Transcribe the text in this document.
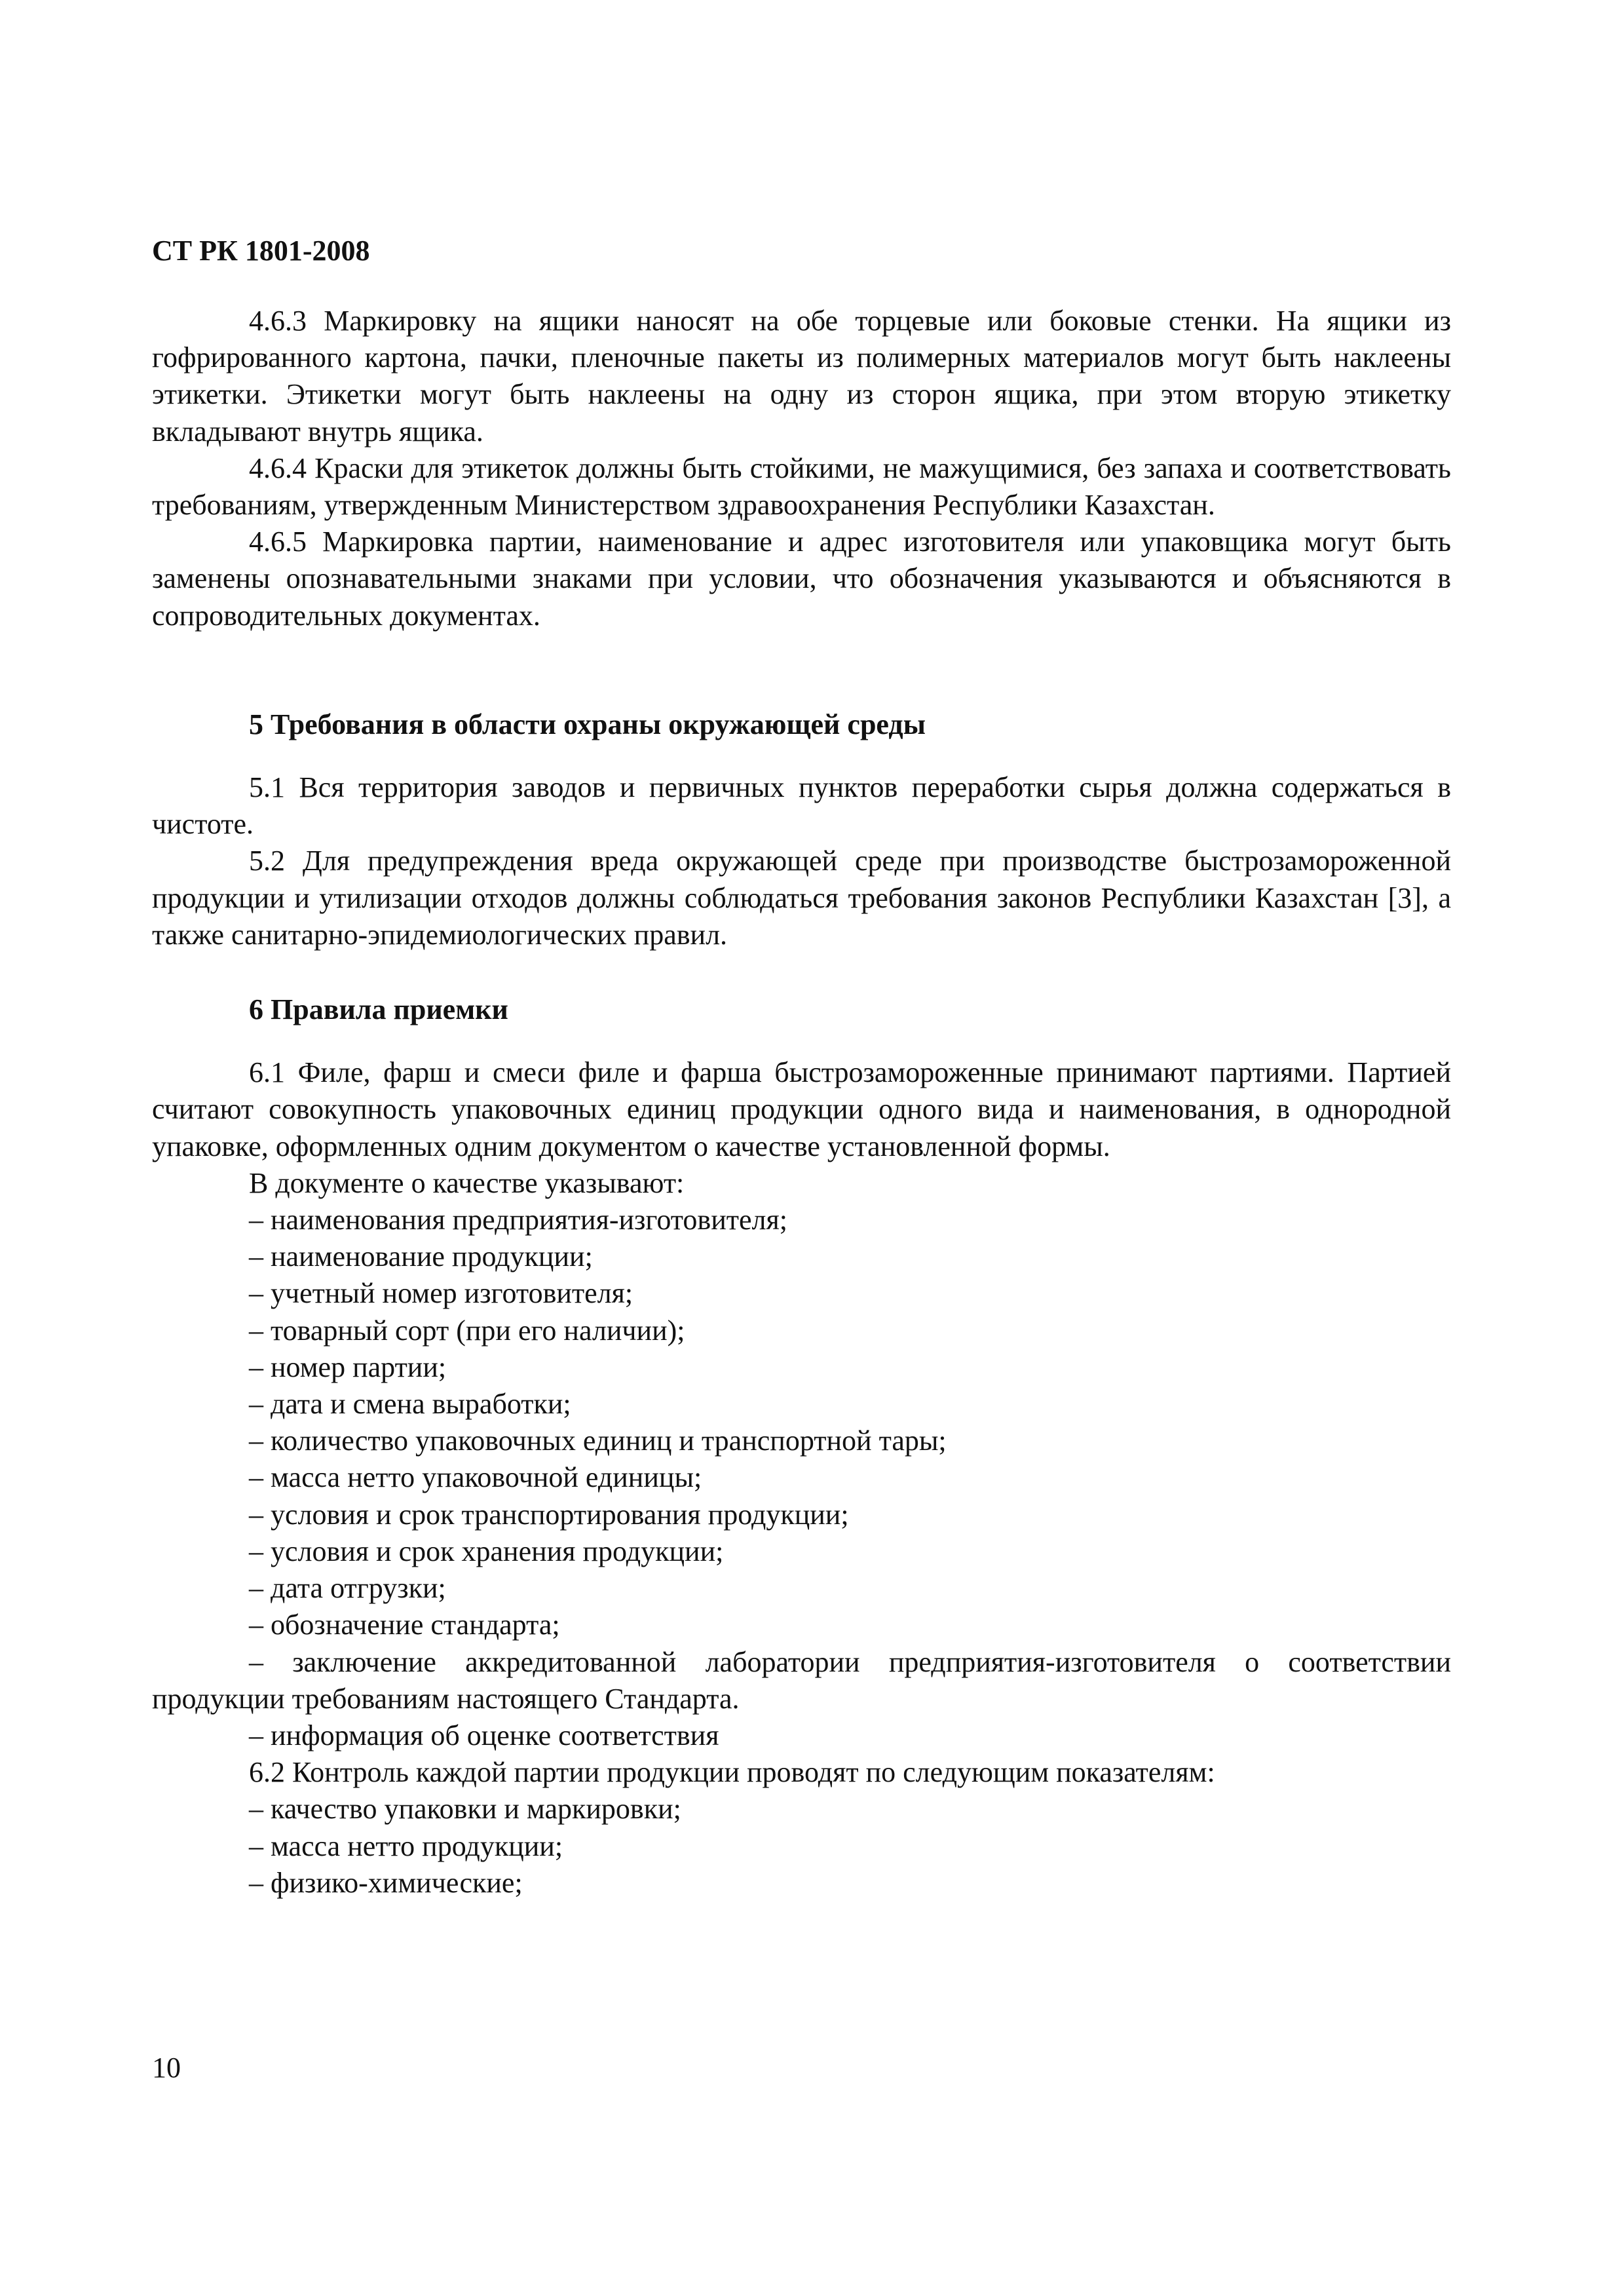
СТ РК 1801-2008

4.6.3 Маркировку на ящики наносят на обе торцевые или боковые стенки. На ящики из гофрированного картона, пачки, пленочные пакеты из полимерных материалов могут быть наклеены этикетки. Этикетки могут быть наклеены на одну из сторон ящика, при этом вторую этикетку вкладывают внутрь ящика.

4.6.4 Краски для этикеток должны быть стойкими, не мажущимися, без запаха и соответствовать требованиям, утвержденным Министерством здравоохранения Республики Казахстан.

4.6.5 Маркировка партии, наименование и адрес изготовителя или упаковщика могут быть заменены опознавательными знаками при условии, что обозначения указываются и объясняются в сопроводительных документах.

5 Требования в области охраны окружающей среды

5.1 Вся территория заводов и первичных пунктов переработки сырья должна содержаться в чистоте.

5.2 Для предупреждения вреда окружающей среде при производстве быстрозамороженной продукции и утилизации отходов должны соблюдаться требования законов Республики Казахстан [3], а также санитарно-эпидемиологических правил.

6 Правила приемки

6.1 Филе, фарш и смеси филе и фарша быстрозамороженные принимают партиями. Партией считают совокупность упаковочных единиц продукции одного вида и наименования, в однородной упаковке, оформленных одним документом о качестве установленной формы.

В документе о качестве указывают:

– наименования предприятия-изготовителя;

– наименование продукции;

– учетный номер изготовителя;

– товарный сорт (при его наличии);

– номер партии;

– дата и смена выработки;

– количество упаковочных единиц и транспортной тары;

– масса нетто упаковочной единицы;

– условия и срок транспортирования продукции;

– условия и срок хранения продукции;

– дата отгрузки;

– обозначение стандарта;

– заключение аккредитованной лаборатории предприятия-изготовителя о соответствии продукции требованиям настоящего Стандарта.

– информация об оценке соответствия

6.2 Контроль каждой партии продукции проводят по следующим показателям:

– качество упаковки и маркировки;

– масса нетто продукции;

– физико-химические;

10
